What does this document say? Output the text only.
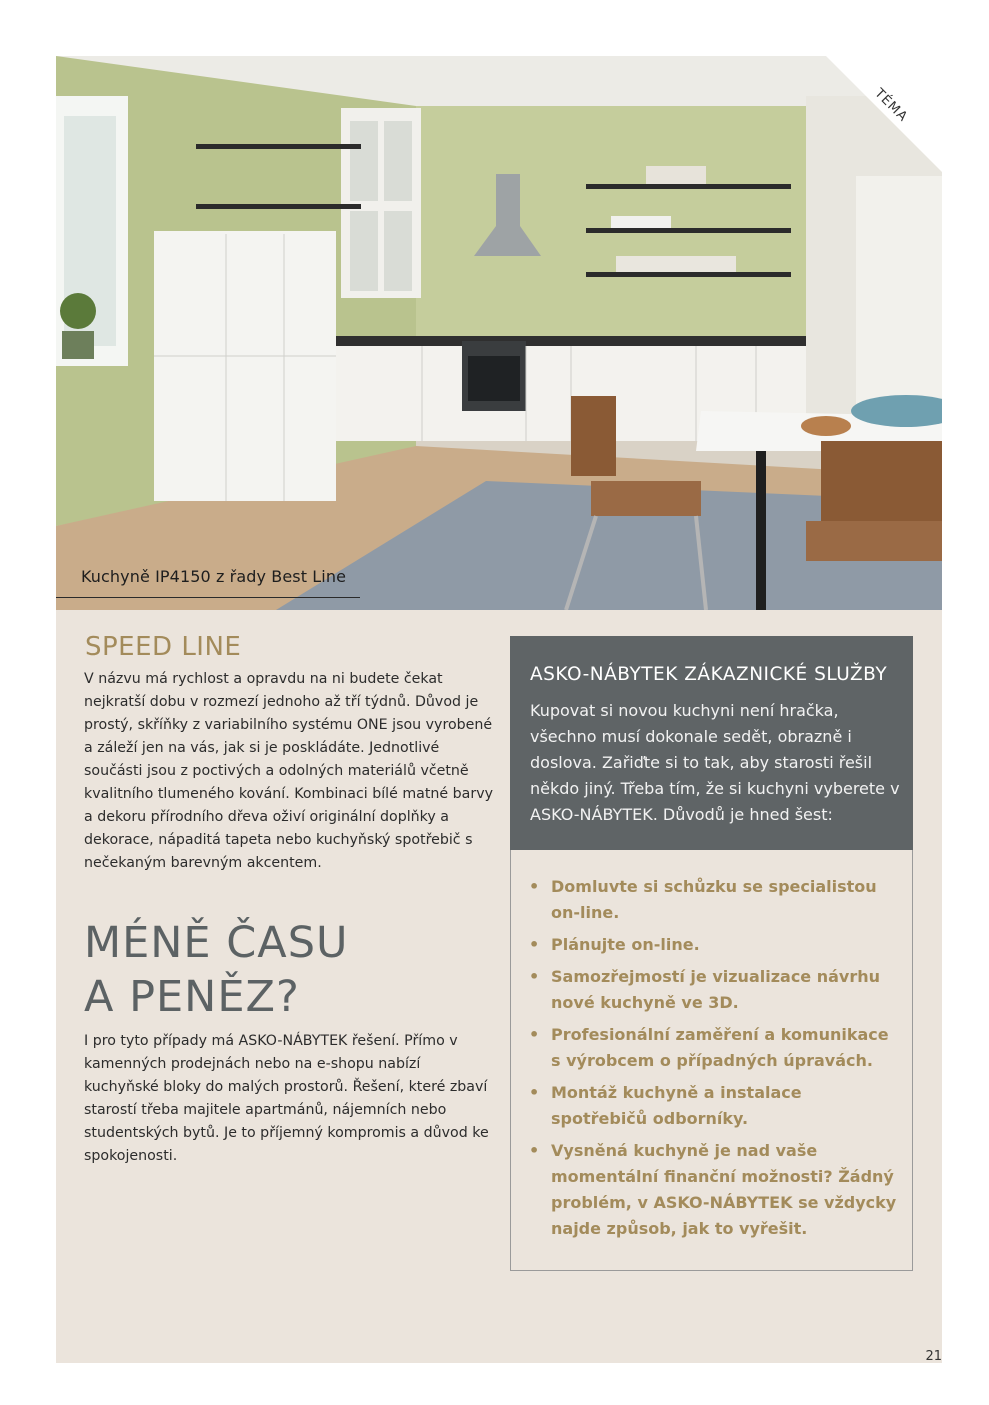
TÉMA

Kuchyně IP4150 z řady Best Line

SPEED LINE

V názvu má rychlost a opravdu na ni budete čekat nejkratší dobu v rozmezí jednoho až tří týdnů. Důvod je prostý, skříňky z variabilního systému ONE jsou vyrobené a záleží jen na vás, jak si je poskládáte. Jednotlivé součásti jsou z poctivých a odolných materiálů včetně kvalitního tlumeného kování. Kombinaci bílé matné barvy a dekoru přírodního dřeva oživí originální doplňky a dekorace, nápaditá tapeta nebo kuchyňský spotřebič s nečekaným barevným akcentem.

MÉNĚ ČASU
A PENĚZ?

I pro tyto případy má ASKO-NÁBYTEK řešení. Přímo v kamenných prodejnách nebo na e-shopu nabízí kuchyňské bloky do malých prostorů. Řešení, které zbaví starostí třeba majitele apartmánů, nájemních nebo studentských bytů. Je to příjemný kompromis a důvod ke spokojenosti.

ASKO-NÁBYTEK ZÁKAZNICKÉ SLUŽBY

Kupovat si novou kuchyni není hračka, všechno musí dokonale sedět, obrazně i doslova. Zařiďte si to tak, aby starosti řešil někdo jiný. Třeba tím, že si kuchyni vyberete v ASKO-NÁBYTEK. Důvodů je hned šest:

• Domluvte si schůzku se specialistou on-line.
• Plánujte on-line.
• Samozřejmostí je vizualizace návrhu nové kuchyně ve 3D.
• Profesionální zaměření a komunikace s výrobcem o případných úpravách.
• Montáž kuchyně a instalace spotřebičů odborníky.
• Vysněná kuchyně je nad vaše momentální finanční možnosti? Žádný problém, v ASKO-NÁBYTEK se vždycky najde způsob, jak to vyřešit.

21
